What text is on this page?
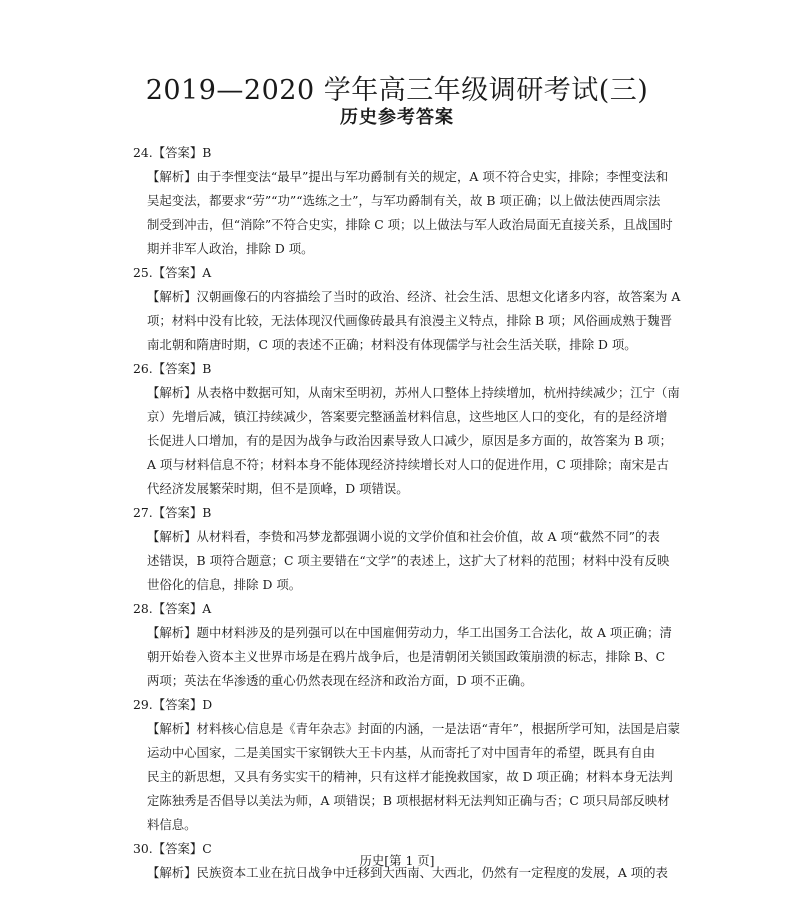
2019—2020 学年高三年级调研考试(三)
历史参考答案
24.【答案】B
【解析】由于李悝变法“最早”提出与军功爵制有关的规定，A 项不符合史实，排除；李悝变法和
吴起变法，都要求“劳”“功”“选练之士”，与军功爵制有关，故 B 项正确；以上做法使西周宗法
制受到冲击，但“消除”不符合史实，排除 C 项；以上做法与军人政治局面无直接关系，且战国时
期并非军人政治，排除 D 项。
25.【答案】A
【解析】汉朝画像石的内容描绘了当时的政治、经济、社会生活、思想文化诸多内容，故答案为 A
项；材料中没有比较，无法体现汉代画像砖最具有浪漫主义特点，排除 B 项；风俗画成熟于魏晋
南北朝和隋唐时期，C 项的表述不正确；材料没有体现儒学与社会生活关联，排除 D 项。
26.【答案】B
【解析】从表格中数据可知，从南宋至明初，苏州人口整体上持续增加，杭州持续减少；江宁（南
京）先增后减，镇江持续减少，答案要完整涵盖材料信息，这些地区人口的变化，有的是经济增
长促进人口增加，有的是因为战争与政治因素导致人口减少，原因是多方面的，故答案为 B 项；
A 项与材料信息不符；材料本身不能体现经济持续增长对人口的促进作用，C 项排除；南宋是古
代经济发展繁荣时期，但不是顶峰，D 项错误。
27.【答案】B
【解析】从材料看，李贽和冯梦龙都强调小说的文学价值和社会价值，故 A 项“截然不同”的表
述错误，B 项符合题意；C 项主要错在“文学”的表述上，这扩大了材料的范围；材料中没有反映
世俗化的信息，排除 D 项。
28.【答案】A
【解析】题中材料涉及的是列强可以在中国雇佣劳动力，华工出国务工合法化，故 A 项正确；清
朝开始卷入资本主义世界市场是在鸦片战争后，也是清朝闭关锁国政策崩溃的标志，排除 B、C
两项；英法在华渗透的重心仍然表现在经济和政治方面，D 项不正确。
29.【答案】D
【解析】材料核心信息是《青年杂志》封面的内涵，一是法语“青年”，根据所学可知，法国是启蒙
运动中心国家，二是美国实干家钢铁大王卡内基，从而寄托了对中国青年的希望，既具有自由
民主的新思想，又具有务实实干的精神，只有这样才能挽救国家，故 D 项正确；材料本身无法判
定陈独秀是否倡导以美法为师，A 项错误；B 项根据材料无法判知正确与否；C 项只局部反映材
料信息。
30.【答案】C
【解析】民族资本工业在抗日战争中迁移到大西南、大西北，仍然有一定程度的发展，A 项的表
历史[第 1 页]
